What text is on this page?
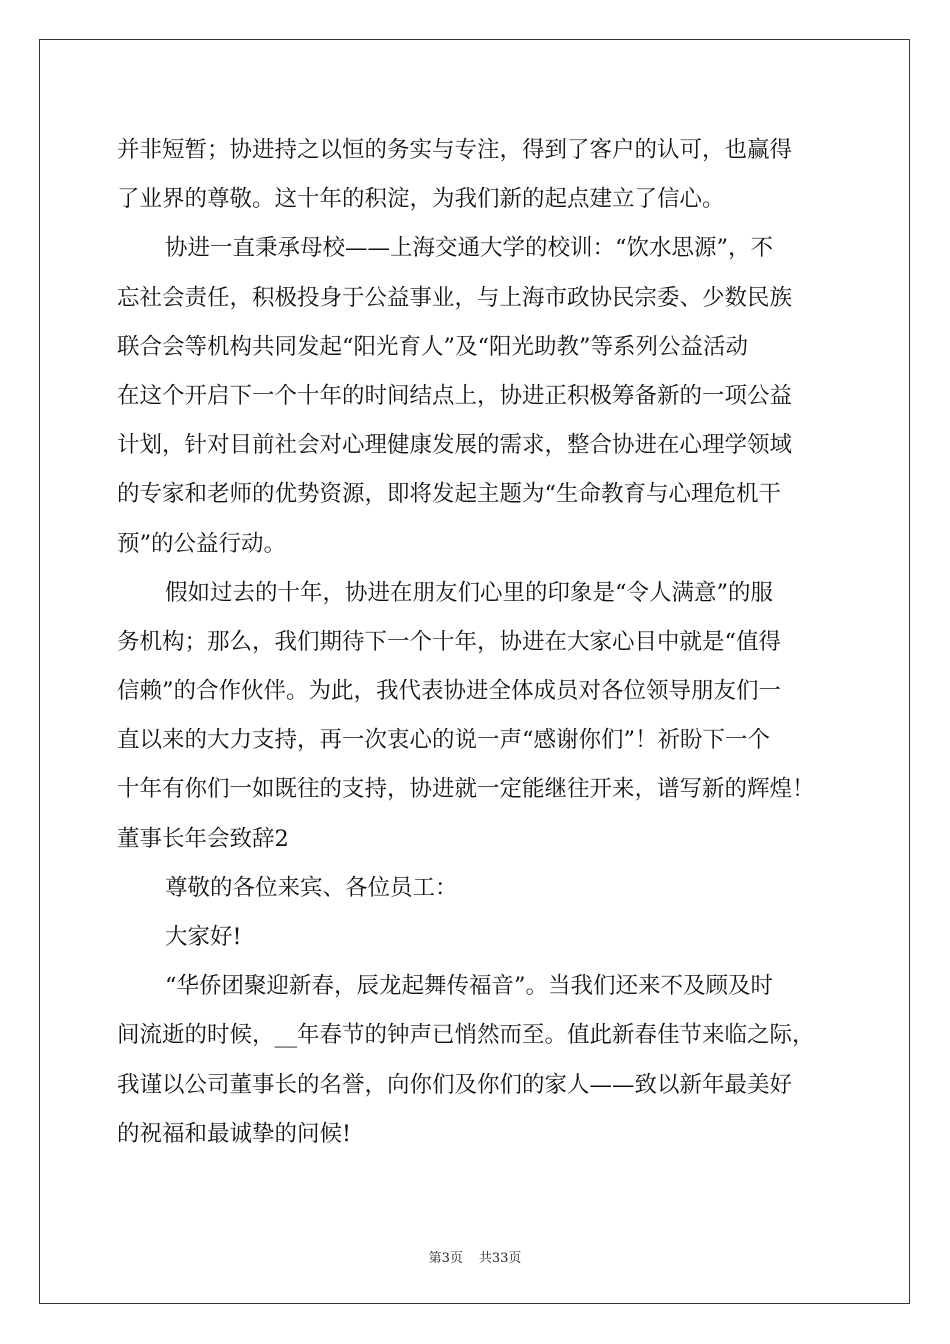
并非短暂；协进持之以恒的务实与专注，得到了客户的认可，也赢得
了业界的尊敬。这十年的积淀，为我们新的起点建立了信心。
协进一直秉承母校——上海交通大学的校训：“饮水思源”，不
忘社会责任，积极投身于公益事业，与上海市政协民宗委、少数民族
联合会等机构共同发起“阳光育人”及“阳光助教”等系列公益活动
在这个开启下一个十年的时间结点上，协进正积极筹备新的一项公益
计划，针对目前社会对心理健康发展的需求，整合协进在心理学领域
的专家和老师的优势资源，即将发起主题为“生命教育与心理危机干
预”的公益行动。
假如过去的十年，协进在朋友们心里的印象是“令人满意”的服
务机构；那么，我们期待下一个十年，协进在大家心目中就是“值得
信赖”的合作伙伴。为此，我代表协进全体成员对各位领导朋友们一
直以来的大力支持，再一次衷心的说一声“感谢你们”！祈盼下一个
十年有你们一如既往的支持，协进就一定能继往开来，谱写新的辉煌！
董事长年会致辞2
尊敬的各位来宾、各位员工：
大家好!
“华侨团聚迎新春，辰龙起舞传福音”。当我们还来不及顾及时
间流逝的时候，__年春节的钟声已悄然而至。值此新春佳节来临之际，
我谨以公司董事长的名誉，向你们及你们的家人——致以新年最美好
的祝福和最诚挚的问候!
第3页 共33页
